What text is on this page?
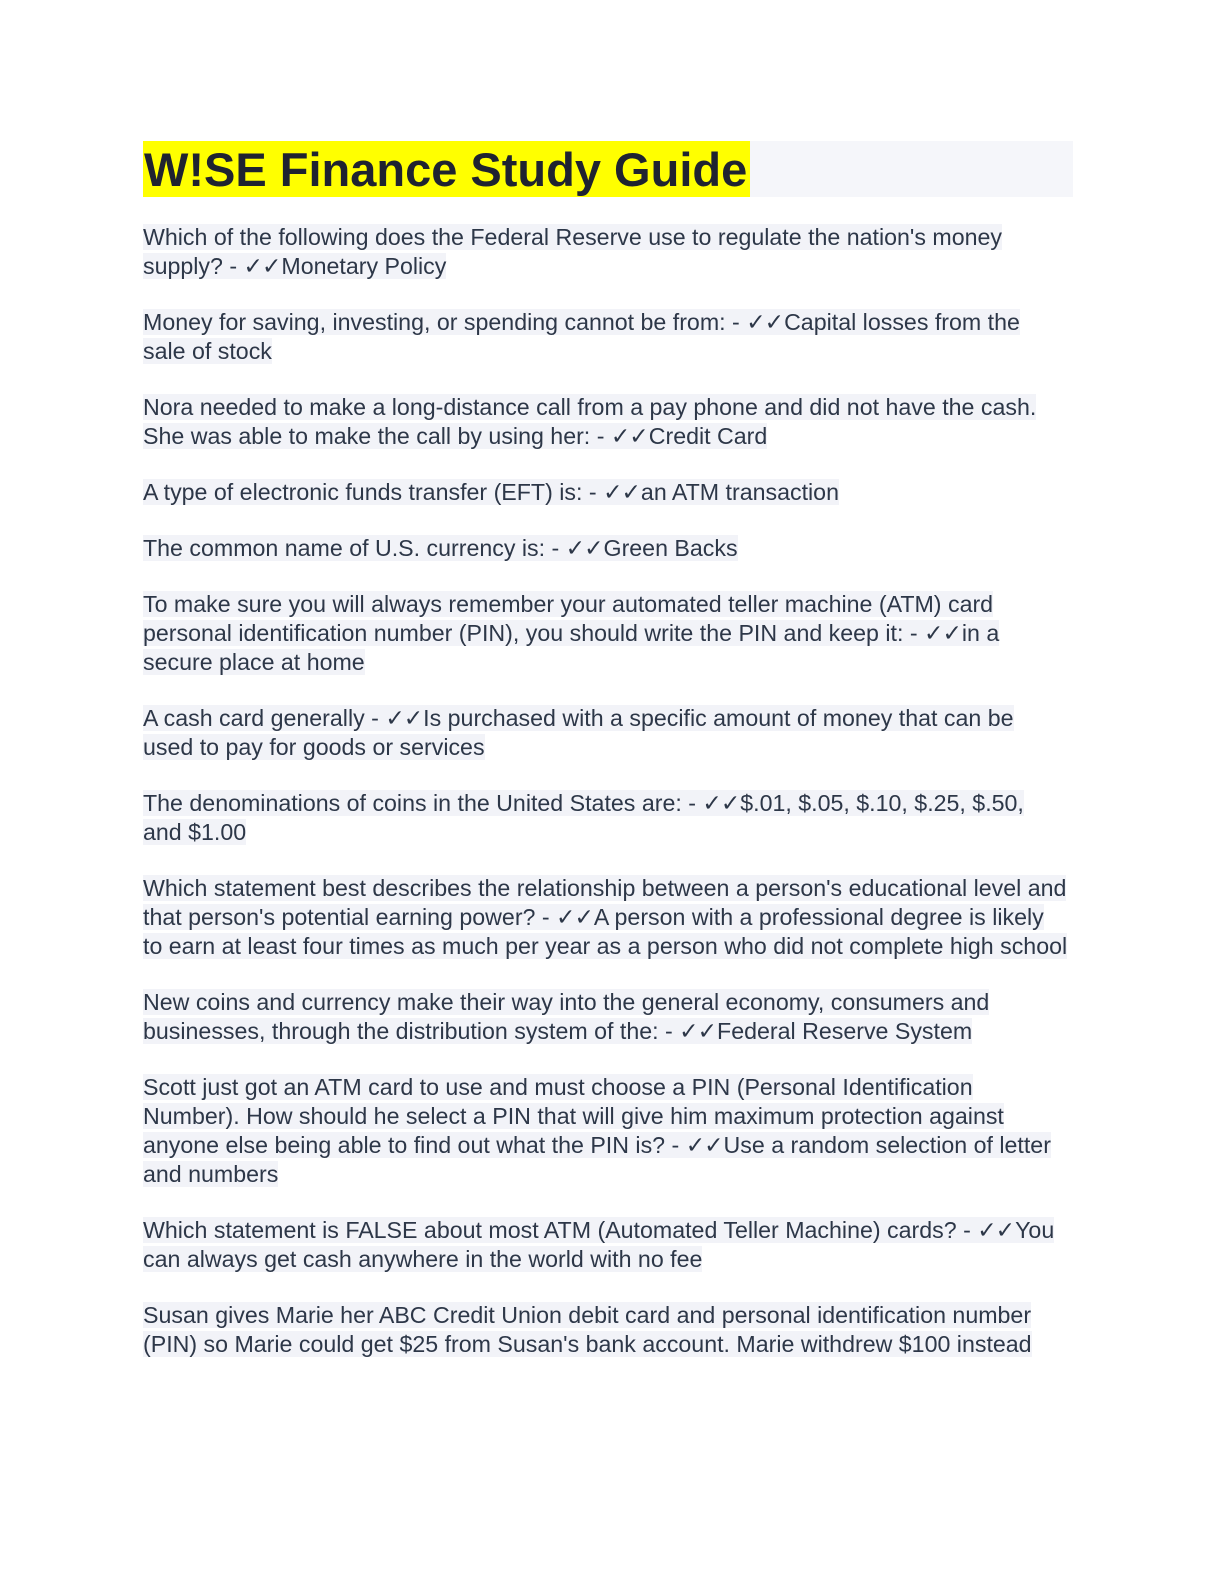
W!SE Finance Study Guide

Which of the following does the Federal Reserve use to regulate the nation's money supply? - ✓✓Monetary Policy

Money for saving, investing, or spending cannot be from: - ✓✓Capital losses from the sale of stock

Nora needed to make a long-distance call from a pay phone and did not have the cash. She was able to make the call by using her: - ✓✓Credit Card

A type of electronic funds transfer (EFT) is: - ✓✓an ATM transaction

The common name of U.S. currency is: - ✓✓Green Backs

To make sure you will always remember your automated teller machine (ATM) card personal identification number (PIN), you should write the PIN and keep it: - ✓✓in a secure place at home

A cash card generally - ✓✓Is purchased with a specific amount of money that can be used to pay for goods or services

The denominations of coins in the United States are: - ✓✓$.01, $.05, $.10, $.25, $.50, and $1.00

Which statement best describes the relationship between a person's educational level and that person's potential earning power? - ✓✓A person with a professional degree is likely to earn at least four times as much per year as a person who did not complete high school

New coins and currency make their way into the general economy, consumers and businesses, through the distribution system of the: - ✓✓Federal Reserve System

Scott just got an ATM card to use and must choose a PIN (Personal Identification Number). How should he select a PIN that will give him maximum protection against anyone else being able to find out what the PIN is? - ✓✓Use a random selection of letter and numbers

Which statement is FALSE about most ATM (Automated Teller Machine) cards? - ✓✓You can always get cash anywhere in the world with no fee

Susan gives Marie her ABC Credit Union debit card and personal identification number (PIN) so Marie could get $25 from Susan's bank account. Marie withdrew $100 instead
